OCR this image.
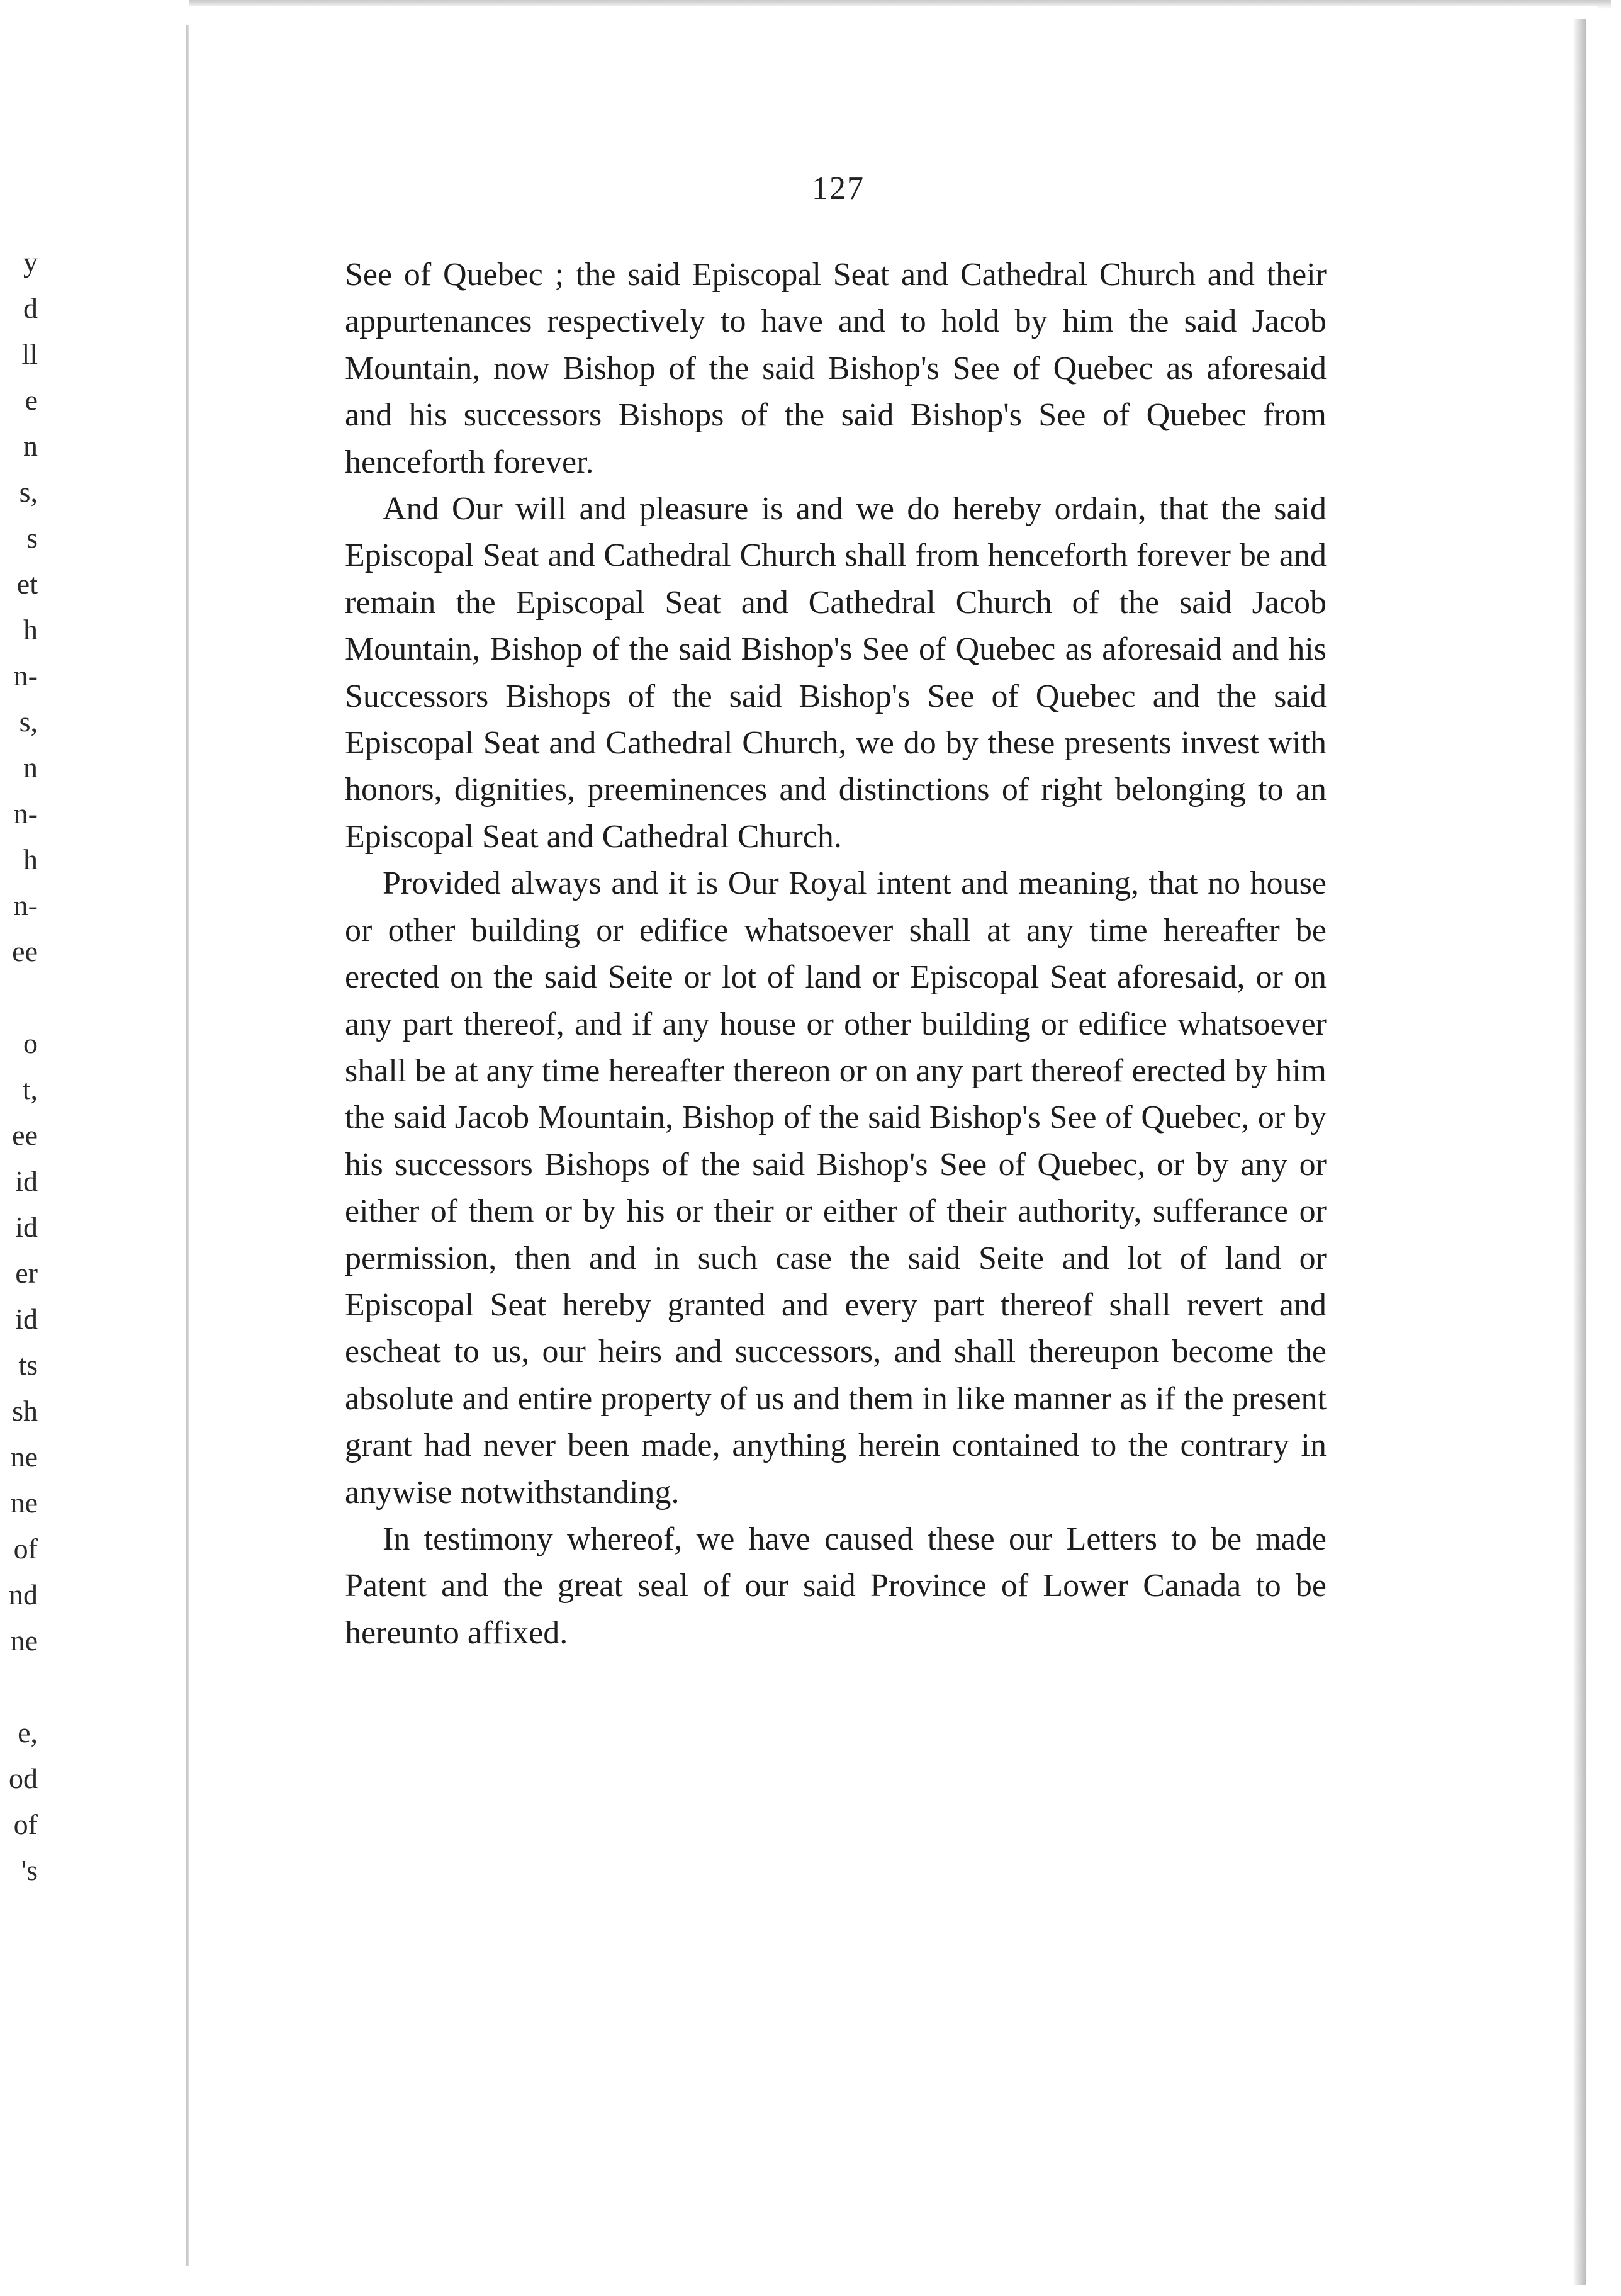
y
d
ll
e
n
s,
s
et
h
n-
s,
n
n-
h
n-
ee
o
t,
ee
id
id
er
id
ts
sh
ne
ne
of
nd
ne
e,
od
of
's
127

See of Quebec ; the said Episcopal Seat and Cathedral Church and their appurtenances respectively to have and to hold by him the said Jacob Mountain, now Bishop of the said Bishop's See of Quebec as aforesaid and his successors Bishops of the said Bishop's See of Quebec from henceforth forever.

And Our will and pleasure is and we do hereby ordain, that the said Episcopal Seat and Cathedral Church shall from henceforth forever be and remain the Episcopal Seat and Cathedral Church of the said Jacob Mountain, Bishop of the said Bishop's See of Quebec as aforesaid and his Successors Bishops of the said Bishop's See of Quebec and the said Episcopal Seat and Cathedral Church, we do by these presents invest with honors, dignities, preeminences and distinctions of right belonging to an Episcopal Seat and Cathedral Church.

Provided always and it is Our Royal intent and meaning, that no house or other building or edifice whatsoever shall at any time hereafter be erected on the said Seite or lot of land or Episcopal Seat aforesaid, or on any part thereof, and if any house or other building or edifice whatsoever shall be at any time hereafter thereon or on any part thereof erected by him the said Jacob Mountain, Bishop of the said Bishop's See of Quebec, or by his successors Bishops of the said Bishop's See of Quebec, or by any or either of them or by his or their or either of their authority, sufferance or permission, then and in such case the said Seite and lot of land or Episcopal Seat hereby granted and every part thereof shall revert and escheat to us, our heirs and successors, and shall thereupon become the absolute and entire property of us and them in like manner as if the present grant had never been made, anything herein contained to the contrary in anywise notwithstanding.

In testimony whereof, we have caused these our Letters to be made Patent and the great seal of our said Province of Lower Canada to be hereunto affixed.
